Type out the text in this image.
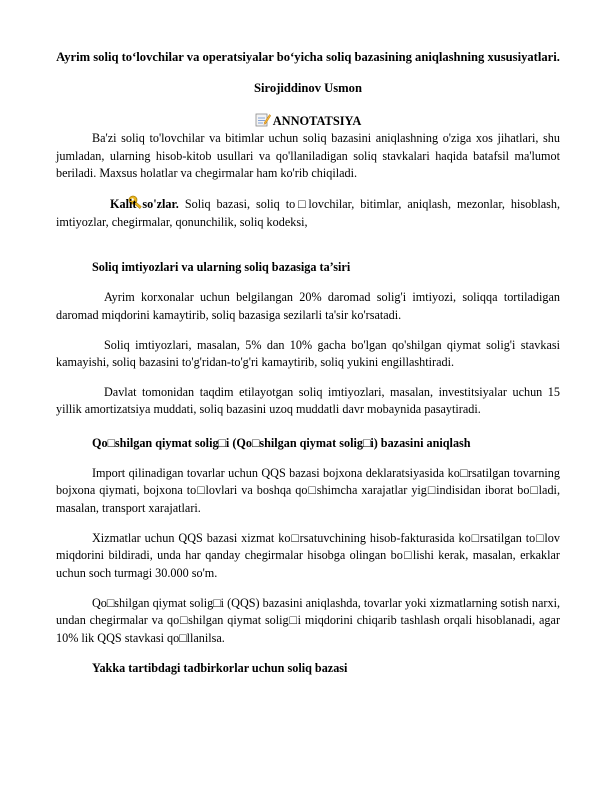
Ayrim soliq to‘lovchilar va operatsiyalar bo‘yicha soliq bazasining aniqlashning xususiyatlari.
Sirojiddinov Usmon
ANNOTATSIYA

Ba'zi soliq to'lovchilar va bitimlar uchun soliq bazasini aniqlashning o'ziga xos jihatlari, shu jumladan, ularning hisob-kitob usullari va qo'llaniladigan soliq stavkalari haqida batafsil ma'lumot beriladi. Maxsus holatlar va chegirmalar ham ko'rib chiqiladi.

Kalit so'zlar. Soliq bazasi, soliq to□lovchilar, bitimlar, aniqlash, mezonlar, hisoblash, imtiyozlar, chegirmalar, qonunchilik, soliq kodeksi,

Soliq imtiyozlari va ularning soliq bazasiga ta’siri

Ayrim korxonalar uchun belgilangan 20% daromad solig'i imtiyozi, soliqqa tortiladigan daromad miqdorini kamaytirib, soliq bazasiga sezilarli ta'sir ko'rsatadi.

Soliq imtiyozlari, masalan, 5% dan 10% gacha bo'lgan qo'shilgan qiymat solig'i stavkasi kamayishi, soliq bazasini to'g'ridan-to'g'ri kamaytirib, soliq yukini engillashtiradi.

Davlat tomonidan taqdim etilayotgan soliq imtiyozlari, masalan, investitsiyalar uchun 15 yillik amortizatsiya muddati, soliq bazasini uzoq muddatli davr mobaynida pasaytiradi.

Qo□shilgan qiymat solig□i (Qo□shilgan qiymat solig□i) bazasini aniqlash

Import qilinadigan tovarlar uchun QQS bazasi bojxona deklaratsiyasida ko□rsatilgan tovarning bojxona qiymati, bojxona to□lovlari va boshqa qo□shimcha xarajatlar yig□indisidan iborat bo□ladi, masalan, transport xarajatlari.

Xizmatlar uchun QQS bazasi xizmat ko□rsatuvchining hisob-fakturasida ko□rsatilgan to□lov miqdorini bildiradi, unda har qanday chegirmalar hisobga olingan bo□lishi kerak, masalan, erkaklar uchun soch turmagi 30.000 so'm.

Qo□shilgan qiymat solig□i (QQS) bazasini aniqlashda, tovarlar yoki xizmatlarning sotish narxi, undan chegirmalar va qo□shilgan qiymat solig□i miqdorini chiqarib tashlash orqali hisoblanadi, agar 10% lik QQS stavkasi qo□llanilsa.

Yakka tartibdagi tadbirkorlar uchun soliq bazasi
